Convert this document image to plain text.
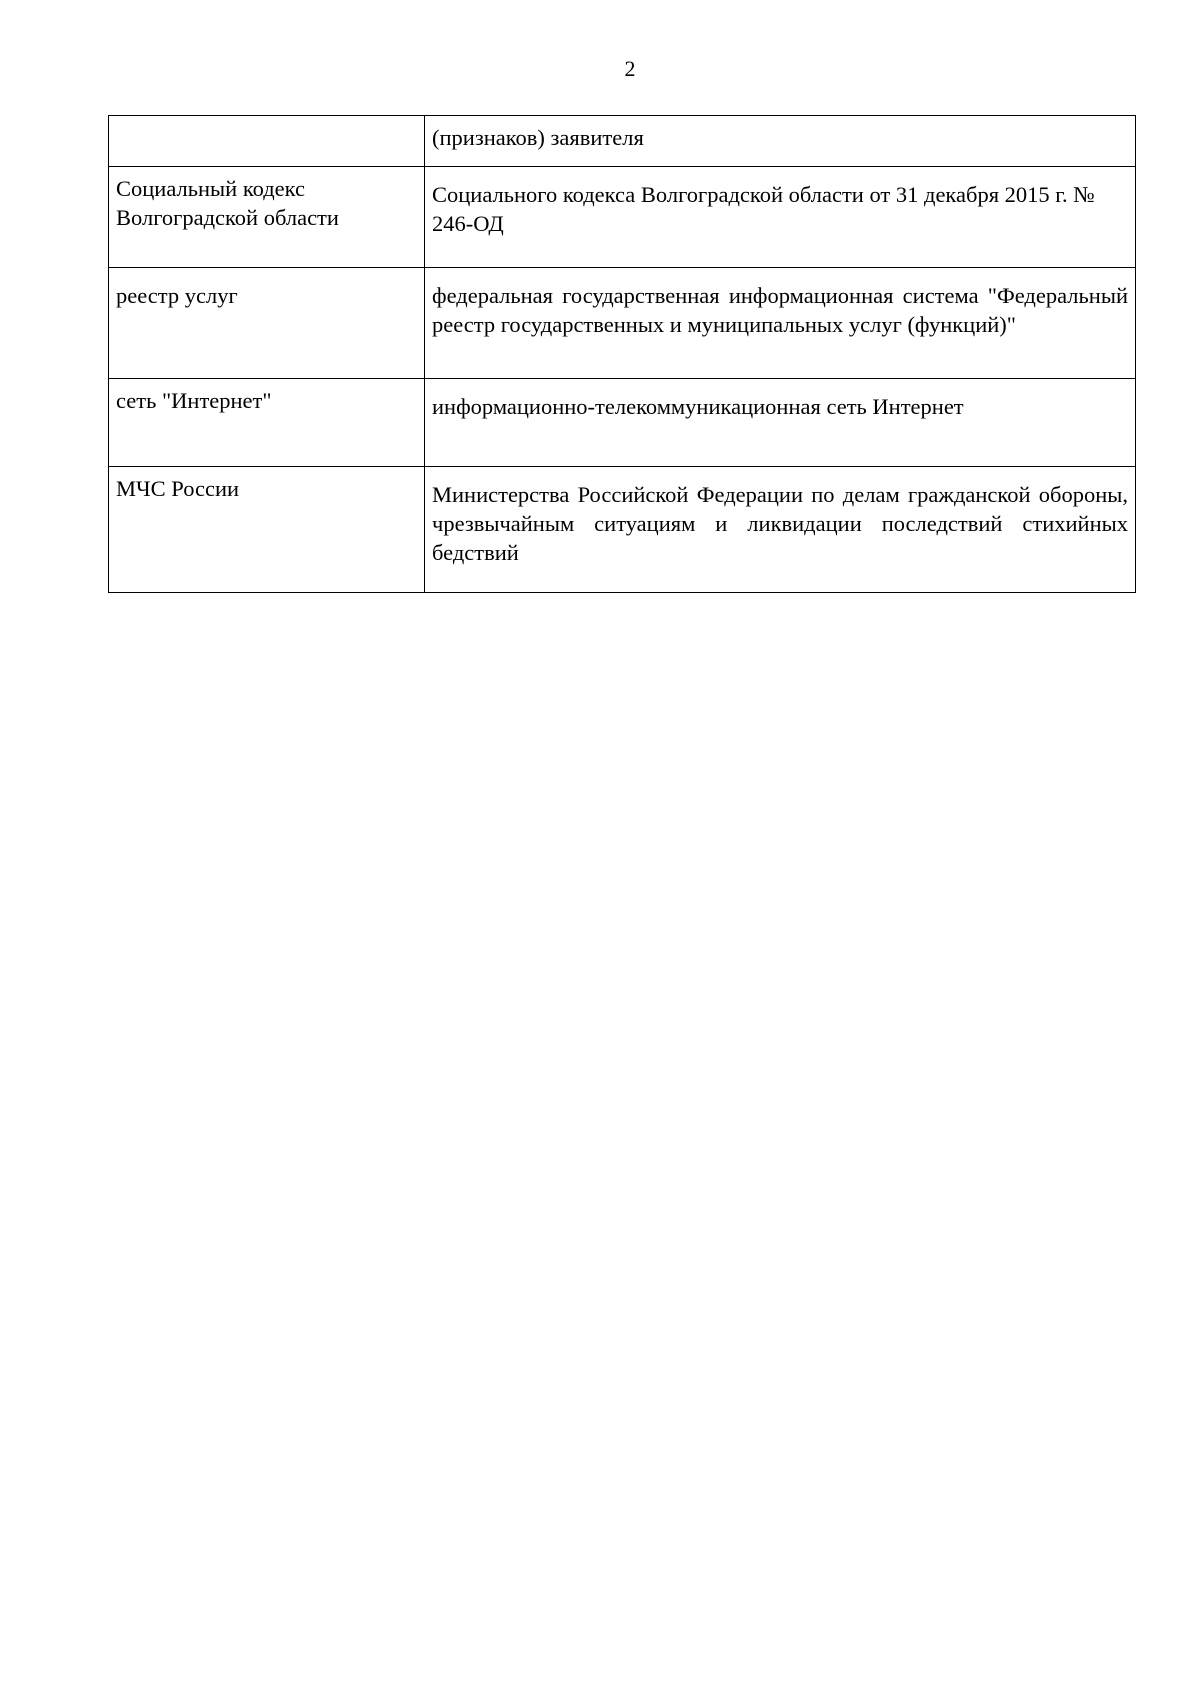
2

	(признаков) заявителя

Социальный кодекс Волгоградской области	Социального кодекса Волгоградской области от 31 декабря 2015 г. № 246-ОД

реестр услуг	федеральная государственная информационная система "Федеральный реестр государственных и муниципальных услуг (функций)"

сеть "Интернет"	информационно-телекоммуникационная сеть Интернет

МЧС России	Министерства Российской Федерации по делам гражданской обороны, чрезвычайным ситуациям и ликвидации последствий стихийных бедствий
